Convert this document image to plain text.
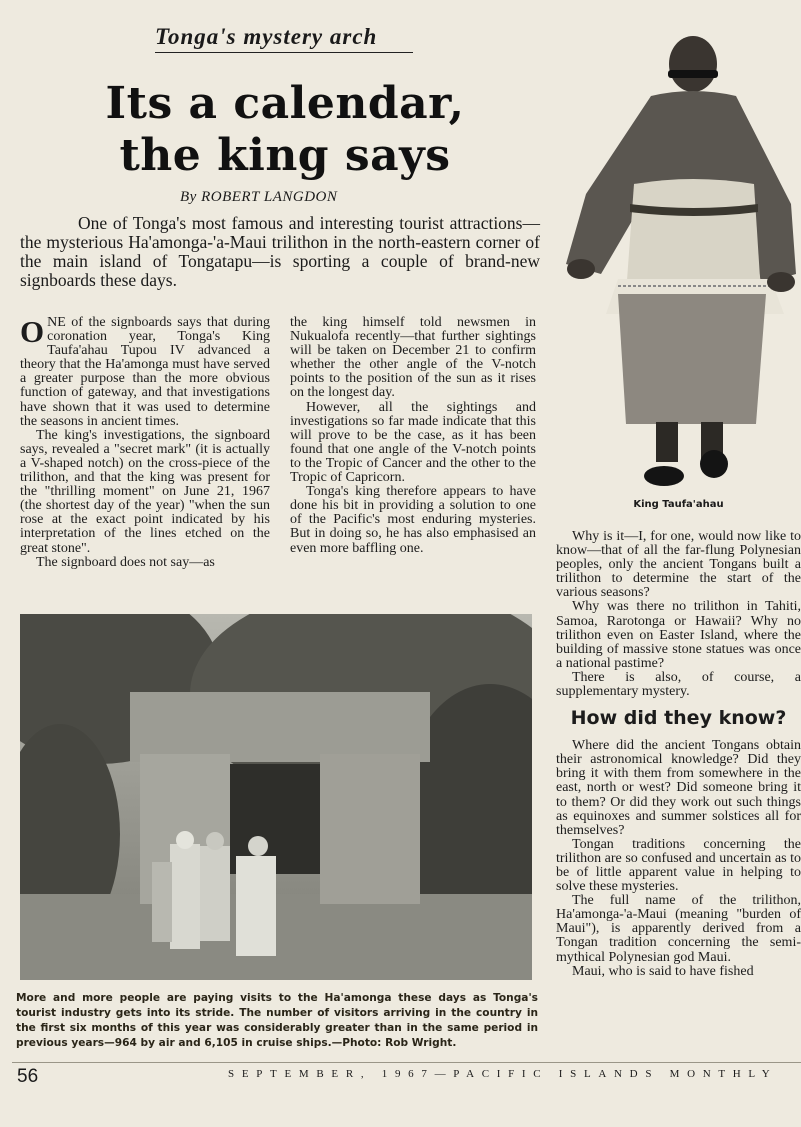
Tonga's mystery arch
Its a calendar,
the king says
By ROBERT LANGDON
One of Tonga's most famous and interesting tourist attractions—the mysterious Ha'amonga-'a-Maui trilithon in the north-eastern corner of the main island of Tongatapu—is sporting a couple of brand-new signboards these days.

ONE of the signboards says that during coronation year, Tonga's King Taufa'ahau Tupou IV advanced a theory that the Ha'amonga must have served a greater purpose than the more obvious function of gateway, and that investigations have shown that it was used to determine the seasons in ancient times.

The king's investigations, the signboard says, revealed a "secret mark" (it is actually a V-shaped notch) on the cross-piece of the trilithon, and that the king was present for the "thrilling moment" on June 21, 1967 (the shortest day of the year) "when the sun rose at the exact point indicated by his interpretation of the lines etched on the great stone".

The signboard does not say—as

the king himself told newsmen in Nukualofa recently—that further sightings will be taken on December 21 to confirm whether the other angle of the V-notch points to the position of the sun as it rises on the longest day.

However, all the sightings and investigations so far made indicate that this will prove to be the case, as it has been found that one angle of the V-notch points to the Tropic of Cancer and the other to the Tropic of Capricorn.

Tonga's king therefore appears to have done his bit in providing a solution to one of the Pacific's most enduring mysteries. But in doing so, he has also emphasised an even more baffling one.

King Taufa'ahau

Why is it—I, for one, would now like to know—that of all the far-flung Polynesian peoples, only the ancient Tongans built a trilithon to determine the start of the various seasons?

Why was there no trilithon in Tahiti, Samoa, Rarotonga or Hawaii? Why no trilithon even on Easter Island, where the building of massive stone statues was once a national pastime?

There is also, of course, a supplementary mystery.

How did they know?

Where did the ancient Tongans obtain their astronomical knowledge? Did they bring it with them from somewhere in the east, north or west? Did someone bring it to them? Or did they work out such things as equinoxes and summer solstices all for themselves?

Tongan traditions concerning the trilithon are so confused and uncertain as to be of little apparent value in helping to solve these mysteries.

The full name of the trilithon, Ha'amonga-'a-Maui (meaning "burden of Maui"), is apparently derived from a Tongan tradition concerning the semi-mythical Polynesian god Maui.

Maui, who is said to have fished

More and more people are paying visits to the Ha'amonga these days as Tonga's tourist industry gets into its stride. The number of visitors arriving in the country in the first six months of this year was considerably greater than in the same period in previous years—964 by air and 6,105 in cruise ships.—Photo: Rob Wright.
56	SEPTEMBER, 1967—PACIFIC ISLANDS MONTHLY
